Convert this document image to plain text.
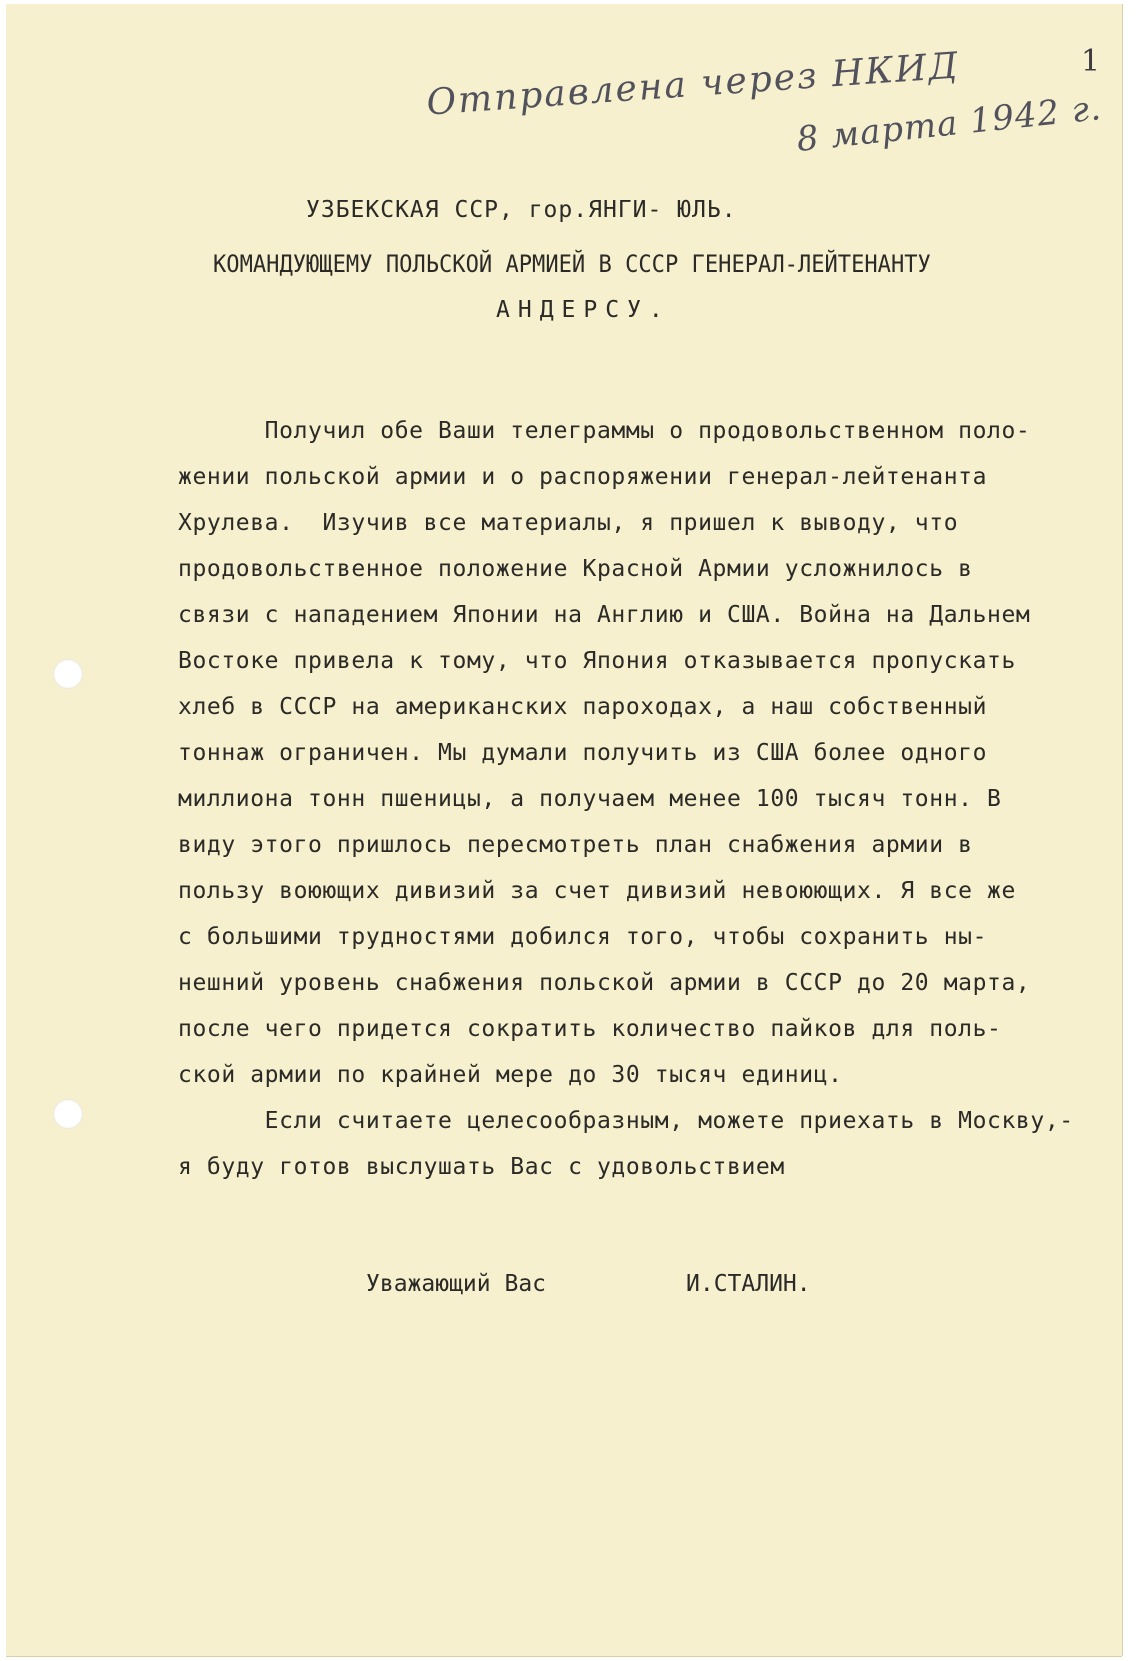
Отправлена через НКИД
8 марта 1942 г.
1
УЗБЕКСКАЯ ССР, гор.ЯНГИ- ЮЛЬ.
КОМАНДУЮЩЕМУ ПОЛЬСКОЙ АРМИЕЙ В СССР ГЕНЕРАЛ-ЛЕЙТЕНАНТУ
АНДЕРСУ.
Получил обе Ваши телеграммы о продовольственном поло-
жении польской армии и о распоряжении генерал-лейтенанта
Хрулева.  Изучив все материалы, я пришел к выводу, что
продовольственное положение Красной Армии усложнилось в
связи с нападением Японии на Англию и США. Война на Дальнем
Востоке привела к тому, что Япония отказывается пропускать
хлеб в СССР на американских пароходах, а наш собственный
тоннаж ограничен. Мы думали получить из США более одного
миллиона тонн пшеницы, а получаем менее 100 тысяч тонн. В
виду этого пришлось пересмотреть план снабжения армии в
пользу воюющих дивизий за счет дивизий невоюющих. Я все же
с большими трудностями добился того, чтобы сохранить ны-
нешний уровень снабжения польской армии в СССР до 20 марта,
после чего придется сократить количество пайков для поль-
ской армии по крайней мере до 30 тысяч единиц.
Если считаете целесообразным, можете приехать в Москву,-
я буду готов выслушать Вас с удовольствием
Уважающий Вас	И.СТАЛИН.
